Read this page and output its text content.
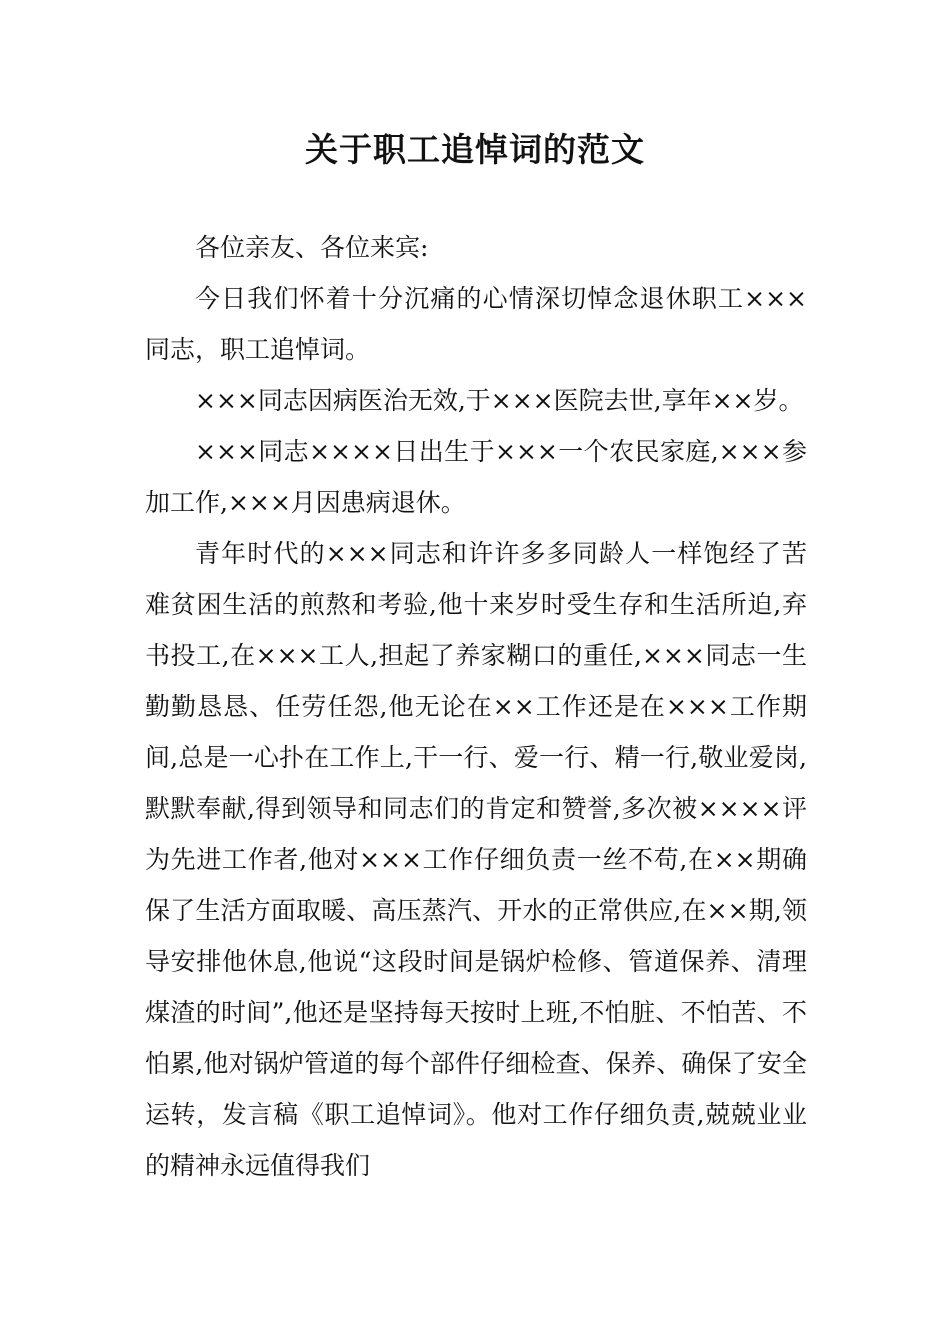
关于职工追悼词的范文

各位亲友、各位来宾:

今日我们怀着十分沉痛的心情深切悼念退休职工×××同志，职工追悼词。

×××同志因病医治无效,于×××医院去世,享年××岁。

×××同志××××日出生于×××一个农民家庭,×××参加工作,×××月因患病退休。

青年时代的×××同志和许许多多同龄人一样饱经了苦难贫困生活的煎熬和考验,他十来岁时受生存和生活所迫,弃书投工,在×××工人,担起了养家糊口的重任,×××同志一生勤勤恳恳、任劳任怨,他无论在××工作还是在×××工作期间,总是一心扑在工作上,干一行、爱一行、精一行,敬业爱岗,默默奉献,得到领导和同志们的肯定和赞誉,多次被××××评为先进工作者,他对×××工作仔细负责一丝不苟,在××期确保了生活方面取暖、高压蒸汽、开水的正常供应,在××期,领导安排他休息,他说“这段时间是锅炉检修、管道保养、清理煤渣的时间”,他还是坚持每天按时上班,不怕脏、不怕苦、不怕累,他对锅炉管道的每个部件仔细检查、保养、确保了安全运转，发言稿《职工追悼词》。他对工作仔细负责,兢兢业业的精神永远值得我们
